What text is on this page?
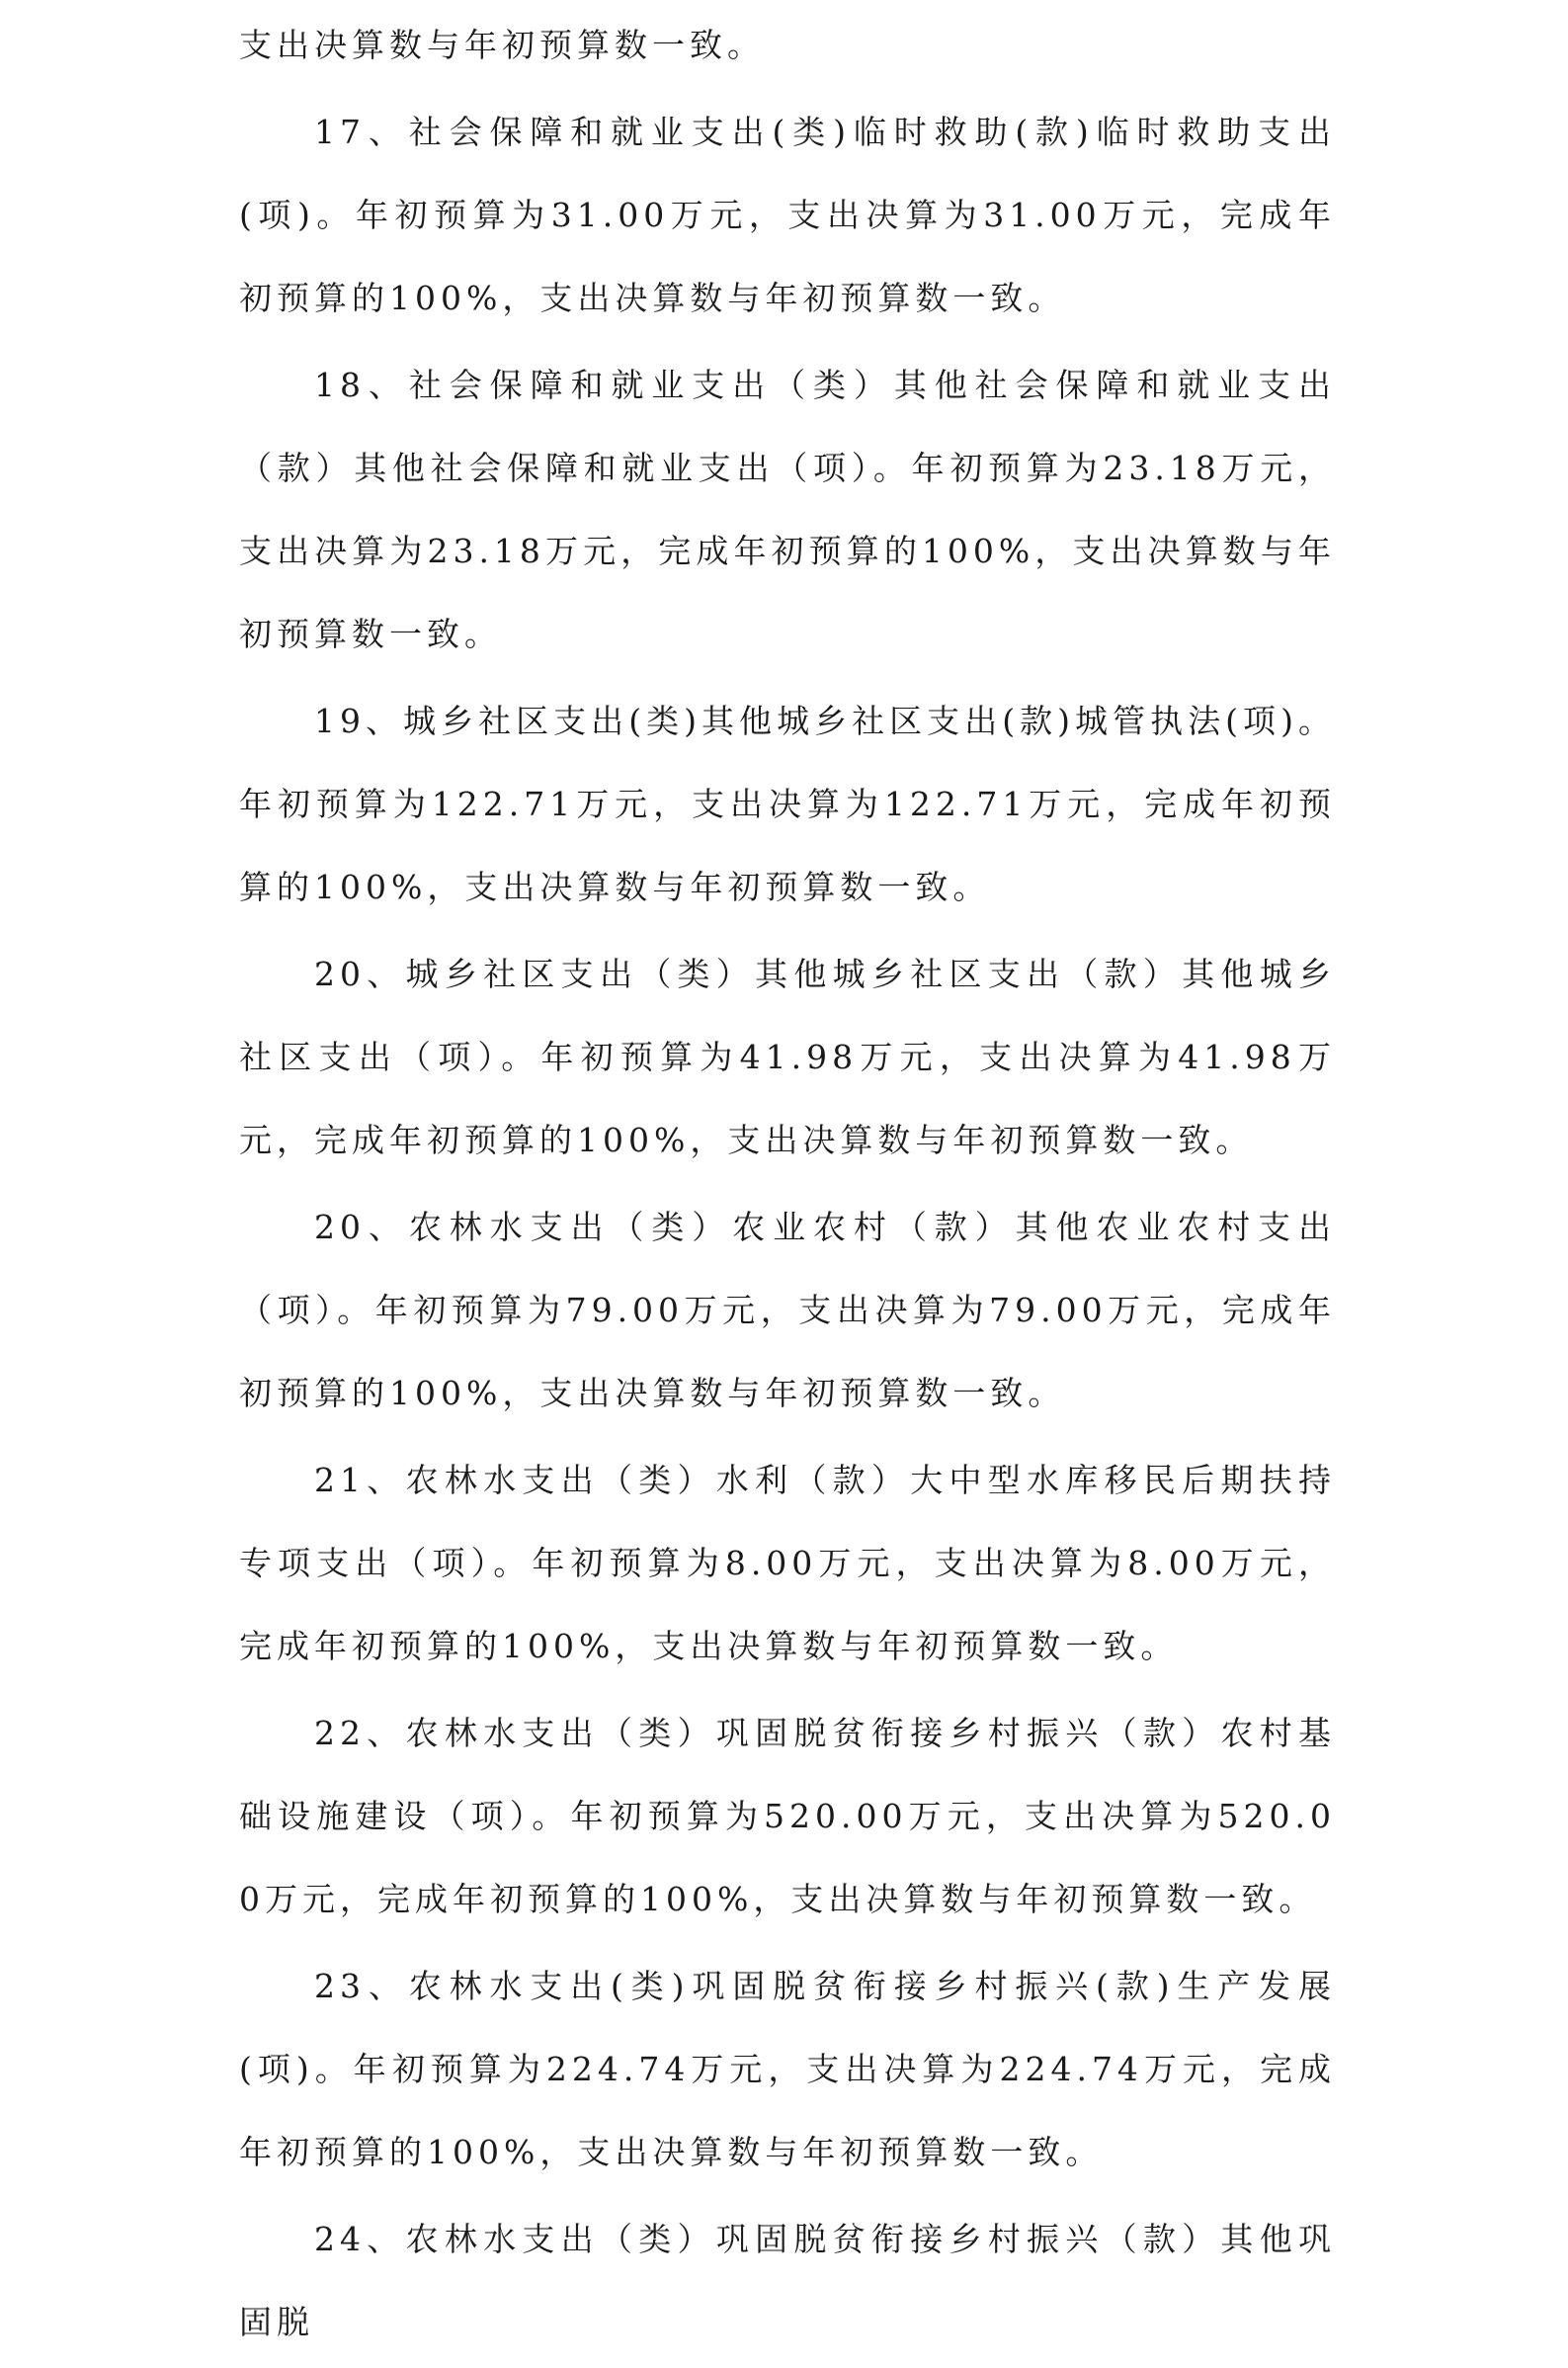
支出决算数与年初预算数一致。

17、社会保障和就业支出(类)临时救助(款)临时救助支出(项)。年初预算为31.00万元，支出决算为31.00万元，完成年初预算的100%，支出决算数与年初预算数一致。

18、社会保障和就业支出（类）其他社会保障和就业支出（款）其他社会保障和就业支出（项）。年初预算为23.18万元，支出决算为23.18万元，完成年初预算的100%，支出决算数与年初预算数一致。

19、城乡社区支出(类)其他城乡社区支出(款)城管执法(项)。年初预算为122.71万元，支出决算为122.71万元，完成年初预算的100%，支出决算数与年初预算数一致。

20、城乡社区支出（类）其他城乡社区支出（款）其他城乡社区支出（项）。年初预算为41.98万元，支出决算为41.98万元，完成年初预算的100%，支出决算数与年初预算数一致。

20、农林水支出（类）农业农村（款）其他农业农村支出（项）。年初预算为79.00万元，支出决算为79.00万元，完成年初预算的100%，支出决算数与年初预算数一致。

21、农林水支出（类）水利（款）大中型水库移民后期扶持专项支出（项）。年初预算为8.00万元，支出决算为8.00万元，完成年初预算的100%，支出决算数与年初预算数一致。

22、农林水支出（类）巩固脱贫衔接乡村振兴（款）农村基础设施建设（项）。年初预算为520.00万元，支出决算为520.00万元，完成年初预算的100%，支出决算数与年初预算数一致。

23、农林水支出(类)巩固脱贫衔接乡村振兴(款)生产发展(项)。年初预算为224.74万元，支出决算为224.74万元，完成年初预算的100%，支出决算数与年初预算数一致。

24、农林水支出（类）巩固脱贫衔接乡村振兴（款）其他巩固脱
